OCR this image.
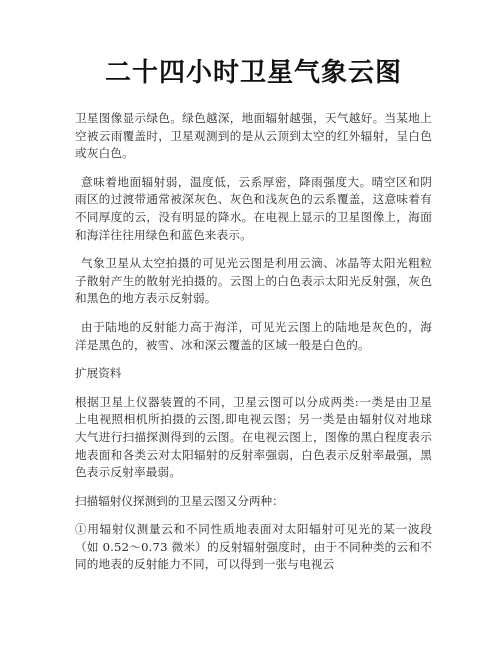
二十四小时卫星气象云图

卫星图像显示绿色。绿色越深，地面辐射越强，天气越好。当某地上空被云雨覆盖时，卫星观测到的是从云顶到太空的红外辐射，呈白色或灰白色。

意味着地面辐射弱，温度低，云系厚密，降雨强度大。晴空区和阴雨区的过渡带通常被深灰色、灰色和浅灰色的云系覆盖，这意味着有不同厚度的云，没有明显的降水。在电视上显示的卫星图像上，海面和海洋往往用绿色和蓝色来表示。

气象卫星从太空拍摄的可见光云图是利用云滴、冰晶等太阳光粗粒子散射产生的散射光拍摄的。云图上的白色表示太阳光反射强，灰色和黑色的地方表示反射弱。

由于陆地的反射能力高于海洋，可见光云图上的陆地是灰色的，海洋是黑色的，被雪、冰和深云覆盖的区域一般是白色的。

扩展资料

根据卫星上仪器装置的不同，卫星云图可以分成两类:一类是由卫星上电视照相机所拍摄的云图,即电视云图；另一类是由辐射仪对地球大气进行扫描探测得到的云图。在电视云图上，图像的黑白程度表示地表面和各类云对太阳辐射的反射率强弱，白色表示反射率最强，黑色表示反射率最弱。

扫描辐射仪探测到的卫星云图又分两种：

①用辐射仪测量云和不同性质地表面对太阳辐射可见光的某一波段（如 0.52～0.73 微米）的反射辐射强度时，由于不同种类的云和不同的地表的反射能力不同，可以得到一张与电视云
